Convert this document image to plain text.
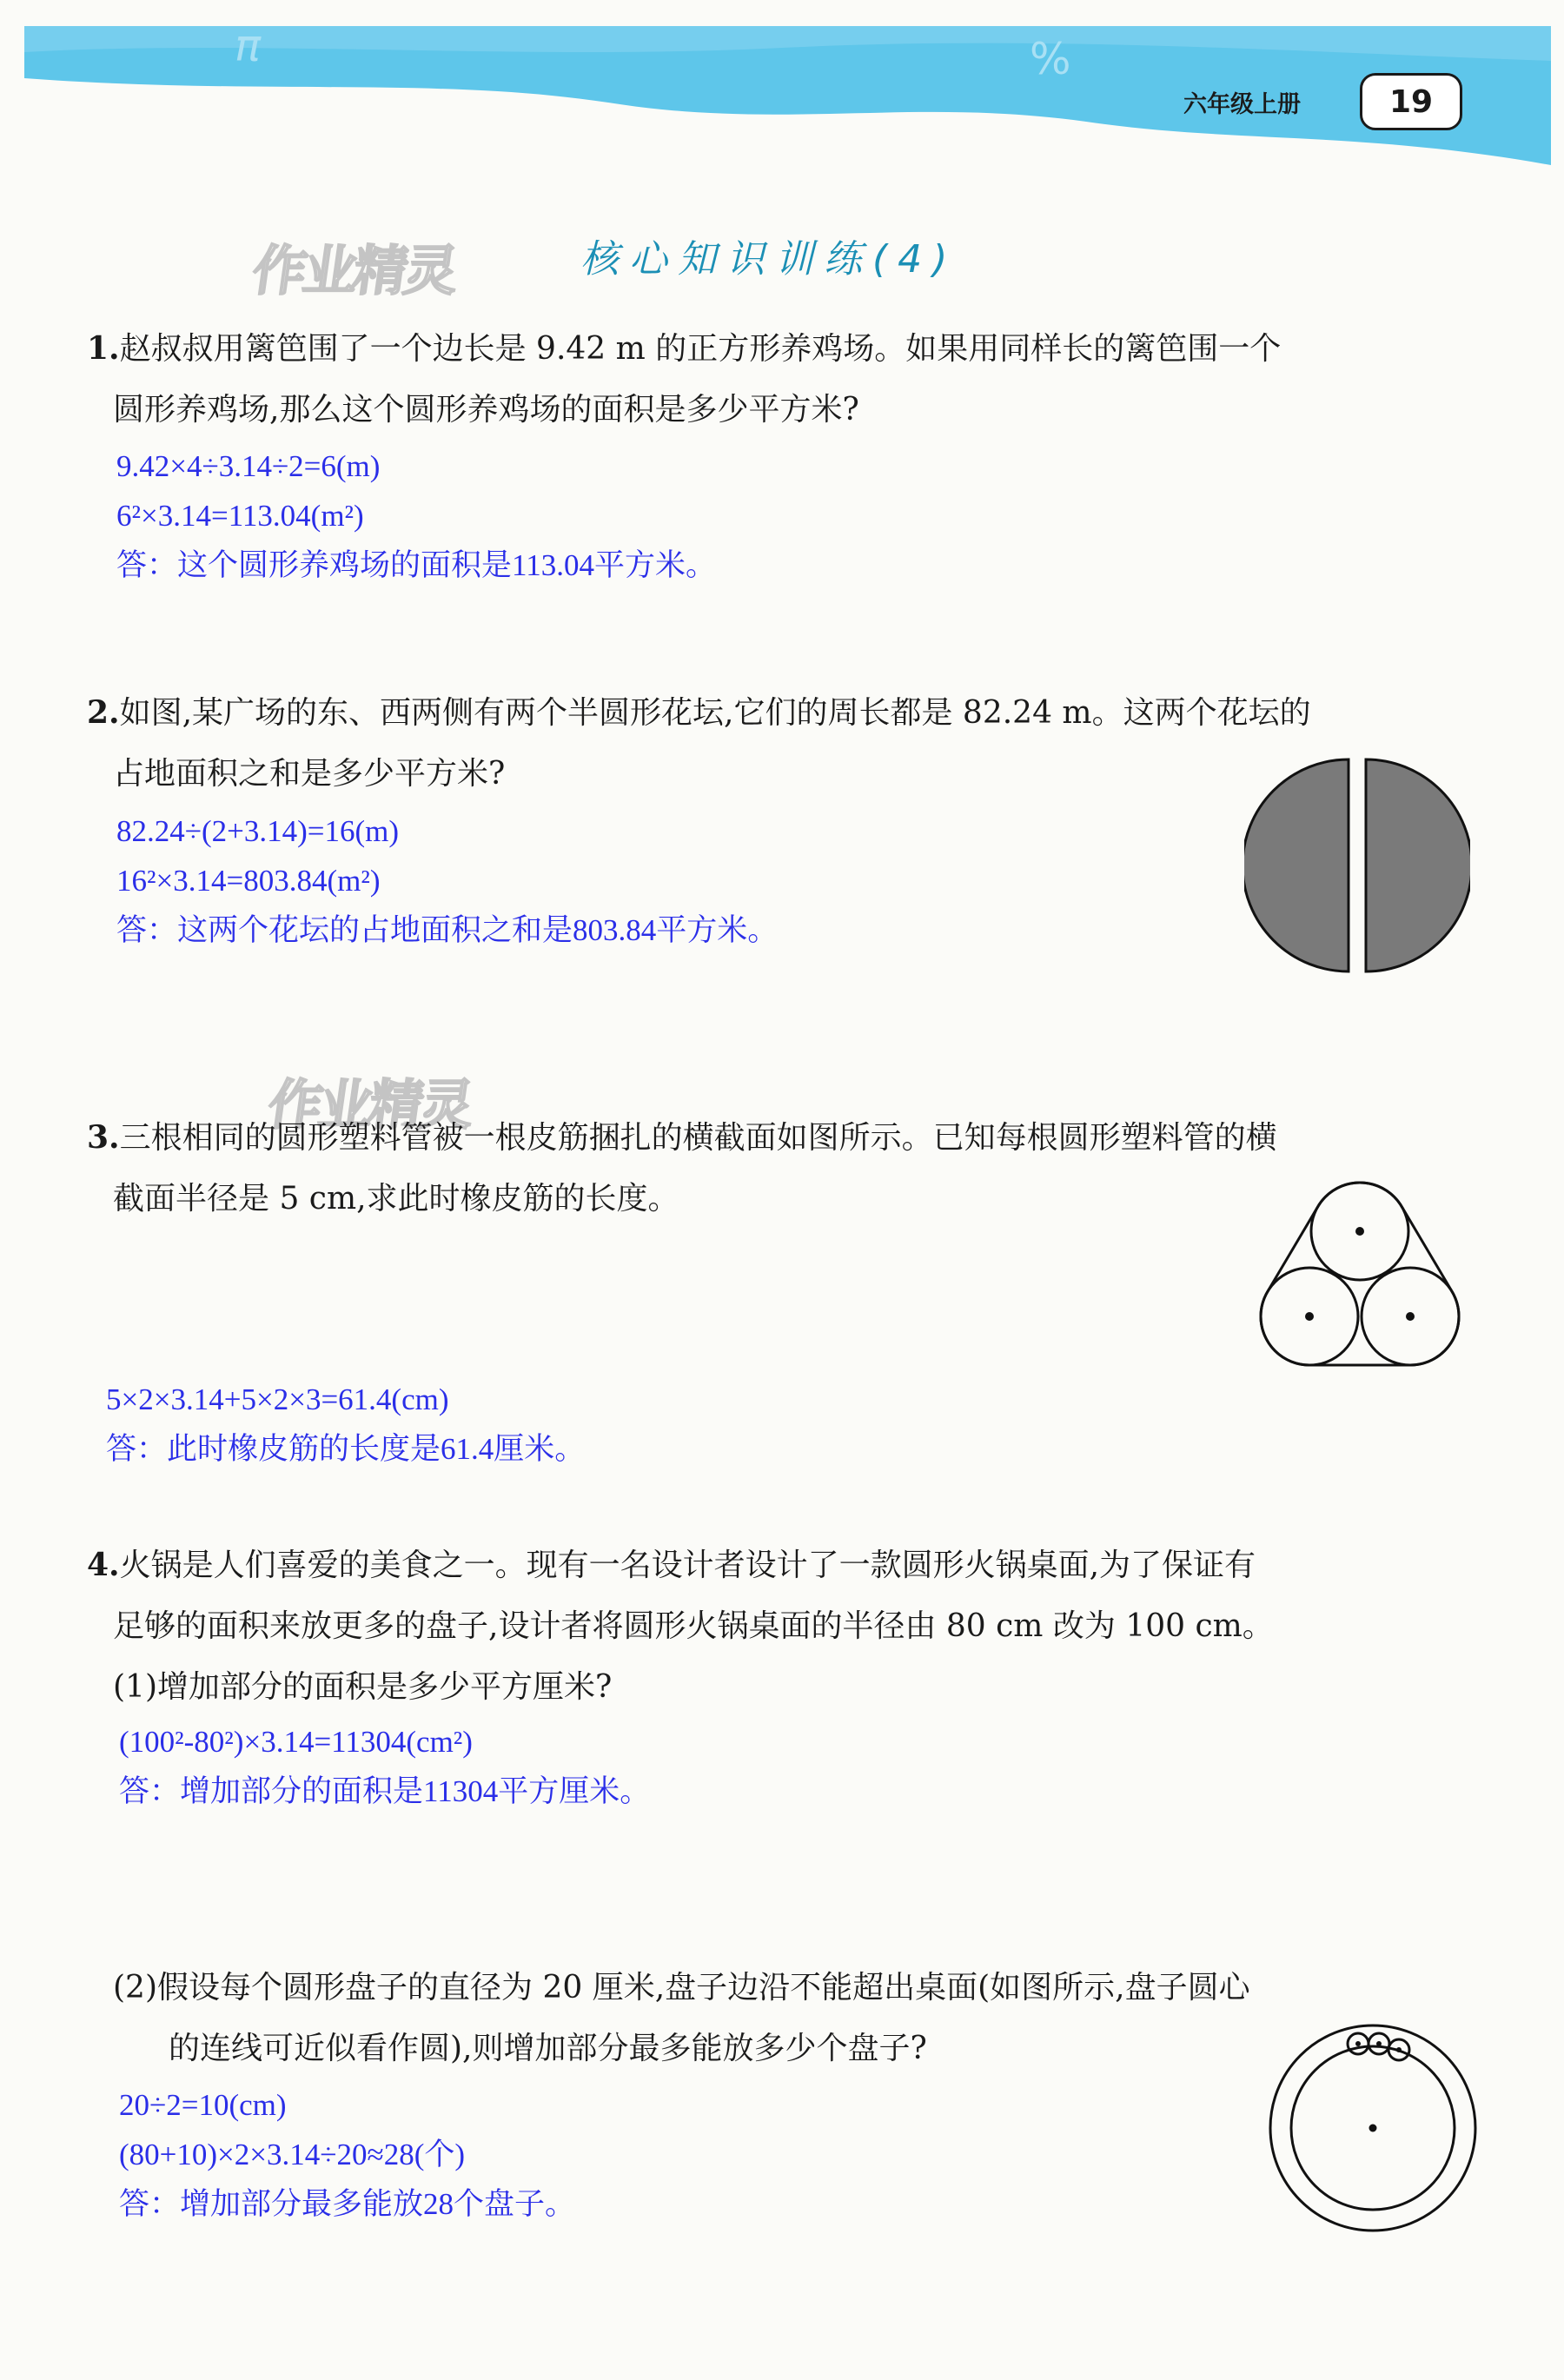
π	%
六年级上册	19
作业精灵
作业精灵
核心知识训练(4)
1.赵叔叔用篱笆围了一个边长是 9.42 m 的正方形养鸡场。如果用同样长的篱笆围一个
圆形养鸡场,那么这个圆形养鸡场的面积是多少平方米?
9.42×4÷3.14÷2=6(m)
6²×3.14=113.04(m²)
答：这个圆形养鸡场的面积是113.04平方米。
2.如图,某广场的东、西两侧有两个半圆形花坛,它们的周长都是 82.24 m。这两个花坛的
占地面积之和是多少平方米?
82.24÷(2+3.14)=16(m)
16²×3.14=803.84(m²)
答：这两个花坛的占地面积之和是803.84平方米。
3.三根相同的圆形塑料管被一根皮筋捆扎的横截面如图所示。已知每根圆形塑料管的横
截面半径是 5 cm,求此时橡皮筋的长度。
5×2×3.14+5×2×3=61.4(cm)
答：此时橡皮筋的长度是61.4厘米。
4.火锅是人们喜爱的美食之一。现有一名设计者设计了一款圆形火锅桌面,为了保证有
足够的面积来放更多的盘子,设计者将圆形火锅桌面的半径由 80 cm 改为 100 cm。
(1)增加部分的面积是多少平方厘米?
(100²-80²)×3.14=11304(cm²)
答：增加部分的面积是11304平方厘米。
(2)假设每个圆形盘子的直径为 20 厘米,盘子边沿不能超出桌面(如图所示,盘子圆心
的连线可近似看作圆),则增加部分最多能放多少个盘子?
20÷2=10(cm)
(80+10)×2×3.14÷20≈28(个)
答：增加部分最多能放28个盘子。
